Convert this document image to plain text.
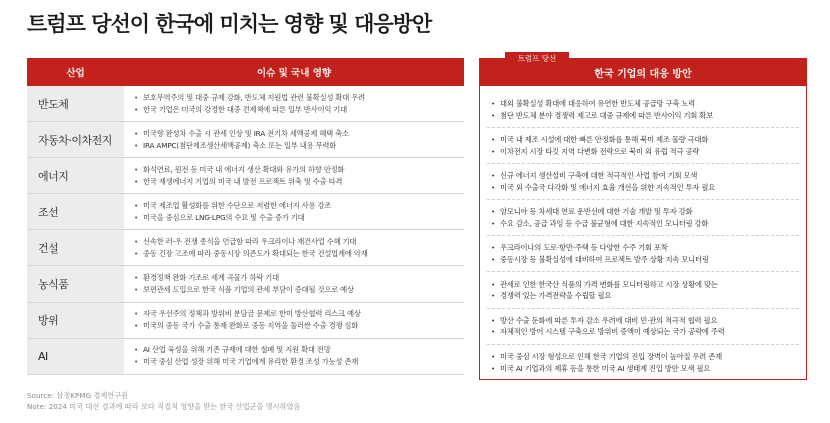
트럼프 당선이 한국에 미치는 영향 및 대응방안
산업	이슈 및 국내 영향
반도체
• 보호무역주의 및 대중 규제 강화, 반도체 지원법 관련 불확실성 확대 우려
• 한국 기업은 미국의 강경한 대중 견제책에 따른 일부 반사이익 기대
자동차·이차전지
• 미국향 완성차 수출 시 관세 인상 및 IRA 전기차 세액공제 혜택 축소
• IRA AMPC(첨단제조생산세액공제) 축소 또는 일부 내용 무력화
에너지
• 화석연료, 원전 등 미국 내 에너지 생산 확대와 유가의 하향 안정화
• 한국 재생에너지 기업의 미국 내 발전 프로젝트 위축 및 수출 타격
조선
• 미국 제조업 활성화를 위한 수단으로 저렴한 에너지 사용 강조
• 미국을 중심으로 LNG·LPG의 수요 및 수출 증가 기대
건설
• 신속한 러-우 전쟁 종식을 언급함 따라 우크라이나 재건사업 수혜 기대
• 중동 긴장 고조에 따라 중동시장 의존도가 확대되는 한국 건설업계에 악재
농식품
• 환경정책 완화 기조로 세계 곡물가 하락 기대
• 보편관세 도입으로 한국 식품 기업의 관세 부담이 증대될 것으로 예상
방위
• 자국 우선주의 정책과 방위비 분담금 문제로 한미 방산협력 리스크 예상
• 미국의 중동 국가 수출 통제 완화로 중동 지역을 둘러싼 수출 경쟁 심화
AI
•	AI 산업 육성을 위해 기존 규제에 대한 철폐 및 지원 확대 전망
• 미국 중심 산업 성장 위해 미국 기업에게 유리한 환경 조성 가능성 존재
트럼프 당선
한국 기업의 대응 방안
• 대외 불확실성 확대에 대응하여 유연한 반도체 공급망 구축 노력
• 첨단 반도체 분야 경쟁력 제고로 대중 규제에 따른 반사이익 기회 확보
• 미국 내 제조 시설에 대한 빠른 안정화를 통해 북미 제조 물량 극대화
• 이차전지 시장 타깃 지역 다변화 전략으로 북미 외 유럽 적극 공략
• 신규 에너지 생산설비 구축에 대한 적극적인 사업 참여 기회 모색
• 미국 외 수출국 다각화 및 에너지 효율 개선을 위한 지속적인 투자 필요
• 암모니아 등 차세대 연료 운반선에 대한 기술 개발 및 투자 강화
• 수요 감소, 공급 과잉 등 수급 불균형에 대한 지속적인 모니터링 강화
• 우크라이나의 도로·항만·주택 등 다양한 수주 기회 포착
• 중동시장 등 불확실성에 대비하여 프로젝트 발주 상황 지속 모니터링
• 관세로 인한 한국산 식품의 가격 변화를 모니터링하고 시장 상황에 맞는
• 경쟁력 있는 가격전략을 수립할 필요
• 방산 수출 둔화에 따른 투자 감소 우려에 대비 민·관의 적극적 협력 필요
• 자체적인 방어 시스템 구축으로 방위비 증액이 예상되는 국가 공략에 주력
• 미국 중심 시장 형성으로 인해 한국 기업의 진입 장벽이 높아질 우려 존재
• 미국 AI 기업과의 제휴 등을 통한 미국 AI 생태계 진입 방안 모색 필요
Source: 삼정KPMG 경제연구원
Note: 2024 미국 대선 결과에 따라 보다 직접적 영향을 받는 한국 산업군을 명시하였음
